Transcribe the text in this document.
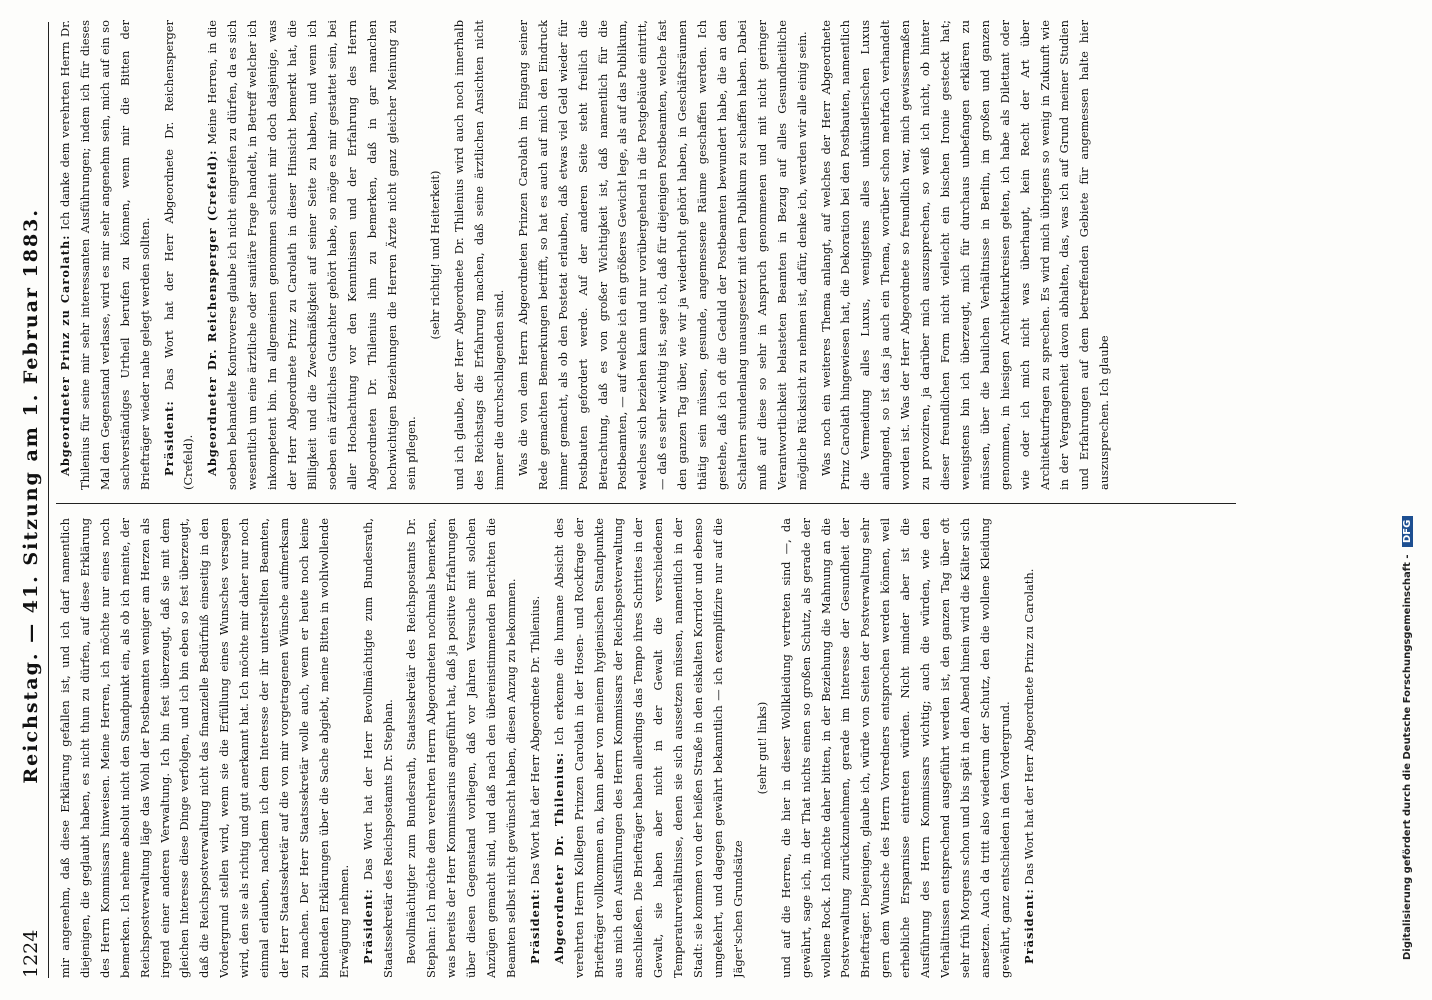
1224
Reichstag. — 41. Sitzung am 1. Februar 1883. mir angenehm, daß diese Erklärung gefallen ist, und ich darf namentlich diejenigen, die geglaubt haben, es nicht thun zu dürfen, auf diese Erklärung des Herrn Kommissars hinweisen. Meine Herren, ich möchte nur eines noch bemerken. Ich nehme absolut nicht den Standpunkt ein, als ob ich meinte, der Reichspostverwaltung läge das Wohl der Postbeamten weniger am Herzen als irgend einer anderen Verwaltung. Ich bin fest überzeugt, daß sie mit dem gleichen Interesse diese Dinge verfolgen, und ich bin eben so fest überzeugt, daß die Reichspostverwaltung nicht das finanzielle Bedürfniß einseitig in den Vordergrund stellen wird, wenn sie die Erfüllung eines Wunsches versagen wird, den sie als richtig und gut anerkannt hat. Ich möchte mir daher nur noch einmal erlauben, nachdem ich dem Interesse der ihr unterstellten Beamten, der Herr Staatssekretär auf die von mir vorgetragenen Wünsche aufmerksam zu machen. Der Herr Staatssekretär wolle auch, wenn er heute noch keine bindenden Erklärungen über die Sache abgiebt, meine Bitten in wohlwollende Erwägung nehmen. Präsident: Das Wort hat der Herr Bevollmächtigte zum Bundesrath, Staatssekretär des Reichspostamts Dr. Stephan. Bevollmächtigter zum Bundesrath, Staatssekretär des Reichspostamts Dr. Stephan: Ich möchte dem verehrten Herrn Abgeordneten nochmals bemerken, was bereits der Herr Kommissarius angeführt hat, daß ja positive Erfahrungen über diesen Gegenstand vorliegen, daß vor Jahren Versuche mit solchen Anzügen gemacht sind, und daß nach den übereinstimmenden Berichten die Beamten selbst nicht gewünscht haben, diesen Anzug zu bekommen. Präsident: Das Wort hat der Herr Abgeordnete Dr. Thilenius. Abgeordneter Dr. Thilenius: Ich erkenne die humane Absicht des verehrten Herrn Kollegen Prinzen Carolath in der Hosen- und Rockfrage der Briefträger vollkommen an, kann aber von meinem hygienischen Standpunkte aus mich den Ausführungen des Herrn Kommissars der Reichspostverwaltung anschließen. Die Briefträger haben allerdings das Tempo ihres Schrittes in der Gewalt, sie haben aber nicht in der Gewalt die verschiedenen Temperaturverhältnisse, denen sie sich aussetzen müssen, namentlich in der Stadt: sie kommen von der heißen Straße in den eiskalten Korridor und ebenso umgekehrt, und dagegen gewährt bekanntlich — ich exemplifizire nur auf die Jäger'schen Grundsätze

(sehr gut! links) und auf die Herren, die hier in dieser Wollkleidung vertreten sind —, da gewährt, sage ich, in der That nichts einen so großen Schutz, als gerade der wollene Rock. Ich möchte daher bitten, in der Beziehung die Mahnung an die Postverwaltung zurückzunehmen, gerade im Interesse der Gesundheit der Briefträger. Diejenigen, glaube ich, würde von Seiten der Postverwaltung sehr gern dem Wunsche des Herrn Vorredners entsprochen werden können, weil erhebliche Ersparnisse eintreten würden. Nicht minder aber ist die Ausführung des Herrn Kommissars wichtig; auch die würden, wie den Verhältnissen entsprechend ausgeführt werden ist, den ganzen Tag über oft sehr früh Morgens schon und bis spät in den Abend hinein wird die Kälter sich ansetzen. Auch da tritt also wiederum der Schutz, den die wollene Kleidung gewährt, ganz entschieden in den Vordergrund. Präsident: Das Wort hat der Herr Abgeordnete Prinz zu Carolath.

Abgeordneter Prinz zu Carolath: Ich danke dem verehrten Herrn Dr. Thilenius für seine mir sehr interessanten Ausführungen; indem ich für dieses Mal den Gegenstand verlasse, wird es mir sehr angenehm sein, mich auf ein so sachverständiges Urtheil berufen zu können, wenn mir die Bitten der Briefträger wieder nahe gelegt werden sollten. Präsident: Das Wort hat der Herr Abgeordnete Dr. Reichensperger (Crefeld). Abgeordneter Dr. Reichensperger (Crefeld): Meine Herren, in die soeben behandelte Kontroverse glaube ich nicht eingreifen zu dürfen, da es sich wesentlich um eine ärztliche oder sanitäre Frage handelt, in Betreff welcher ich inkompetent bin. Im allgemeinen genommen scheint mir doch dasjenige, was der Herr Abgeordnete Prinz zu Carolath in dieser Hinsicht bemerkt hat, die Billigkeit und die Zweckmäßigkeit auf seiner Seite zu haben, und wenn ich soeben ein ärztliches Gutachter gehört habe, so möge es mir gestattet sein, bei aller Hochachtung vor den Kenntnissen und der Erfahrung des Herrn Abgeordneten Dr. Thilenius ihm zu bemerken, daß in gar manchen hochwichtigen Beziehungen die Herren Ärzte nicht ganz gleicher Meinung zu sein pflegen.

(sehr richtig! und Heiterkeit) und ich glaube, der Herr Abgeordnete Dr. Thilenius wird auch noch innerhalb des Reichstags die Erfahrung machen, daß seine ärztlichen Ansichten nicht immer die durchschlagenden sind. Was die von dem Herrn Abgeordneten Prinzen Carolath im Eingang seiner Rede gemachten Bemerkungen betrifft, so hat es auch auf mich den Eindruck immer gemacht, als ob den Postetat erlauben, daß etwas viel Geld wieder für Postbauten gefordert werde. Auf der anderen Seite steht freilich die Betrachtung, daß es von großer Wichtigkeit ist, daß namentlich für die Postbeamten, — auf welche ich ein größeres Gewicht lege, als auf das Publikum, welches sich beziehen kann und nur vorübergehend in die Postgebäude eintritt, — daß es sehr wichtig ist, sage ich, daß für diejenigen Postbeamten, welche fast den ganzen Tag über, wie wir ja wiederholt gehört haben, in Geschäftsräumen thätig sein müssen, gesunde, angemessene Räume geschaffen werden. Ich gestehe, daß ich oft die Geduld der Postbeamten bewundert habe, die an den Schaltern stundenlang unausgesetzt mit dem Publikum zu schaffen haben. Dabei muß auf diese so sehr in Anspruch genommenen und mit nicht geringer Verantwortlichkeit belasteten Beamten in Bezug auf alles Gesundheitliche mögliche Rücksicht zu nehmen ist, dafür, denke ich, werden wir alle einig sein. Was noch ein weiteres Thema anlangt, auf welches der Herr Abgeordnete Prinz Carolath hingewiesen hat, die Dekoration bei den Postbauten, namentlich die Vermeidung alles Luxus, wenigstens alles unkünstlerischen Luxus anlangend, so ist das ja auch ein Thema, worüber schon mehrfach verhandelt worden ist. Was der Herr Abgeordnete so freundlich war, mich gewissermaßen zu provoziren, ja darüber mich auszusprechen, so weiß ich nicht, ob hinter dieser freundlichen Form nicht vielleicht ein bischen Ironie gesteckt hat; wenigstens bin ich überzeugt, mich für durchaus unbefangen erklären zu müssen, über die baulichen Verhältnisse in Berlin, im großen und ganzen genommen, in hiesigen Architekturkreisen gelten, ich habe als Dilettant oder wie oder ich mich nicht was überhaupt, kein Recht der Art über Architekturfragen zu sprechen. Es wird mich übrigens so wenig in Zukunft wie in der Vergangenheit davon abhalten, das, was ich auf Grund meiner Studien und Erfahrungen auf dem betreffenden Gebiete für angemessen halte hier auszusprechen. Ich glaube

Digitalisierung gefördert durch die Deutsche Forschungsgemeinschaft - DFG
